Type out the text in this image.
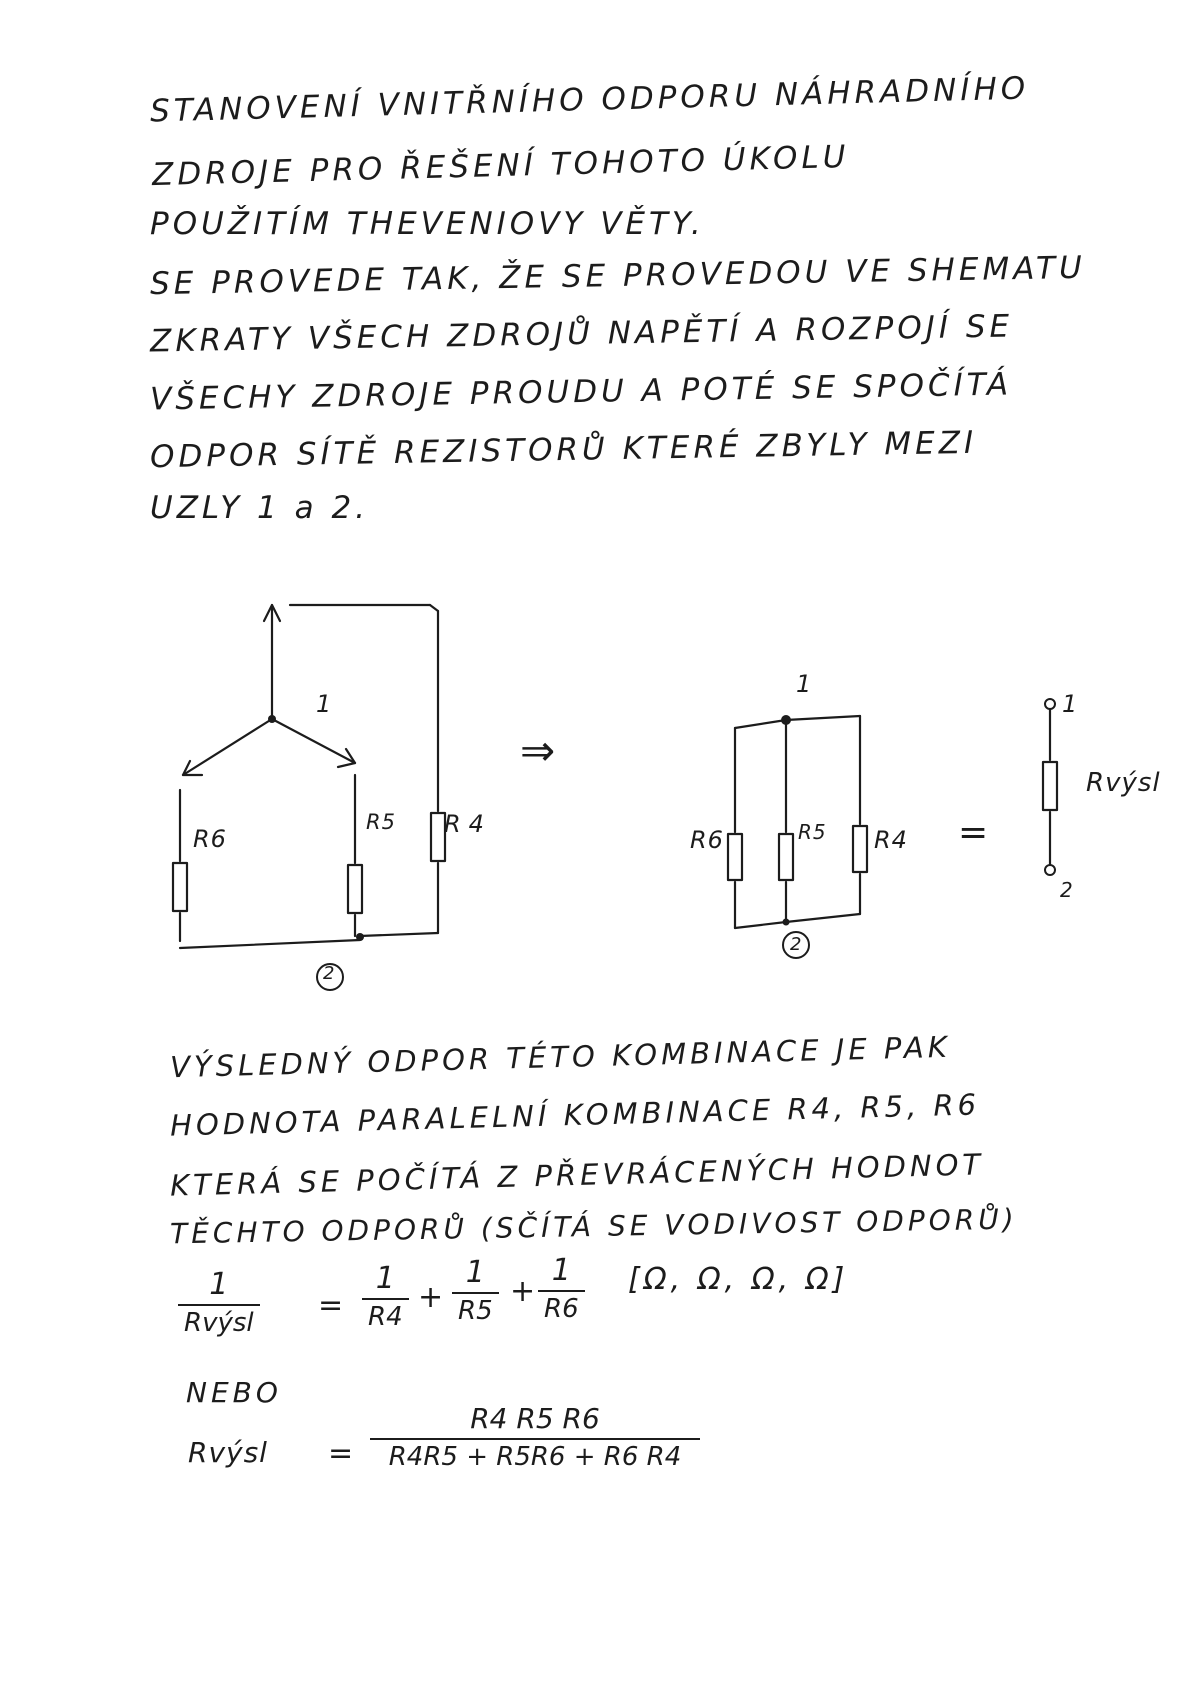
STANOVENÍ VNITŘNÍHO ODPORU NÁHRADNÍHO
ZDROJE PRO ŘEŠENÍ TOHOTO ÚKOLU
POUŽITÍM THEVENIOVY VĚTY.
SE PROVEDE TAK, ŽE SE PROVEDOU VE SHEMATU
ZKRATY VŠECH ZDROJŮ NAPĚTÍ A ROZPOJÍ SE
VŠECHY ZDROJE PROUDU A POTÉ SE SPOČÍTÁ
ODPOR SÍTĚ REZISTORŮ KTERÉ ZBYLY MEZI
UZLY 1 a 2.
1
2
R6
R5 R4
⇒
1
2
R6	R5 R4 =
1
2
Rvýsl
VÝSLEDNÝ ODPOR TÉTO KOMBINACE JE PAK
HODNOTA PARALELNÍ KOMBINACE R4, R5, R6
KTERÁ SE POČÍTÁ Z PŘEVRÁCENÝCH HODNOT
TĚCHTO ODPORŮ (SČÍTÁ SE VODIVOST ODPORŮ)
1
Rvýsl =
1
R4
+
1
R5
+
1
R6
[Ω, Ω, Ω, Ω]
NEBO
Rvýsl =
R4 R5 R6
R4R5 + R5R6 + R6 R4
